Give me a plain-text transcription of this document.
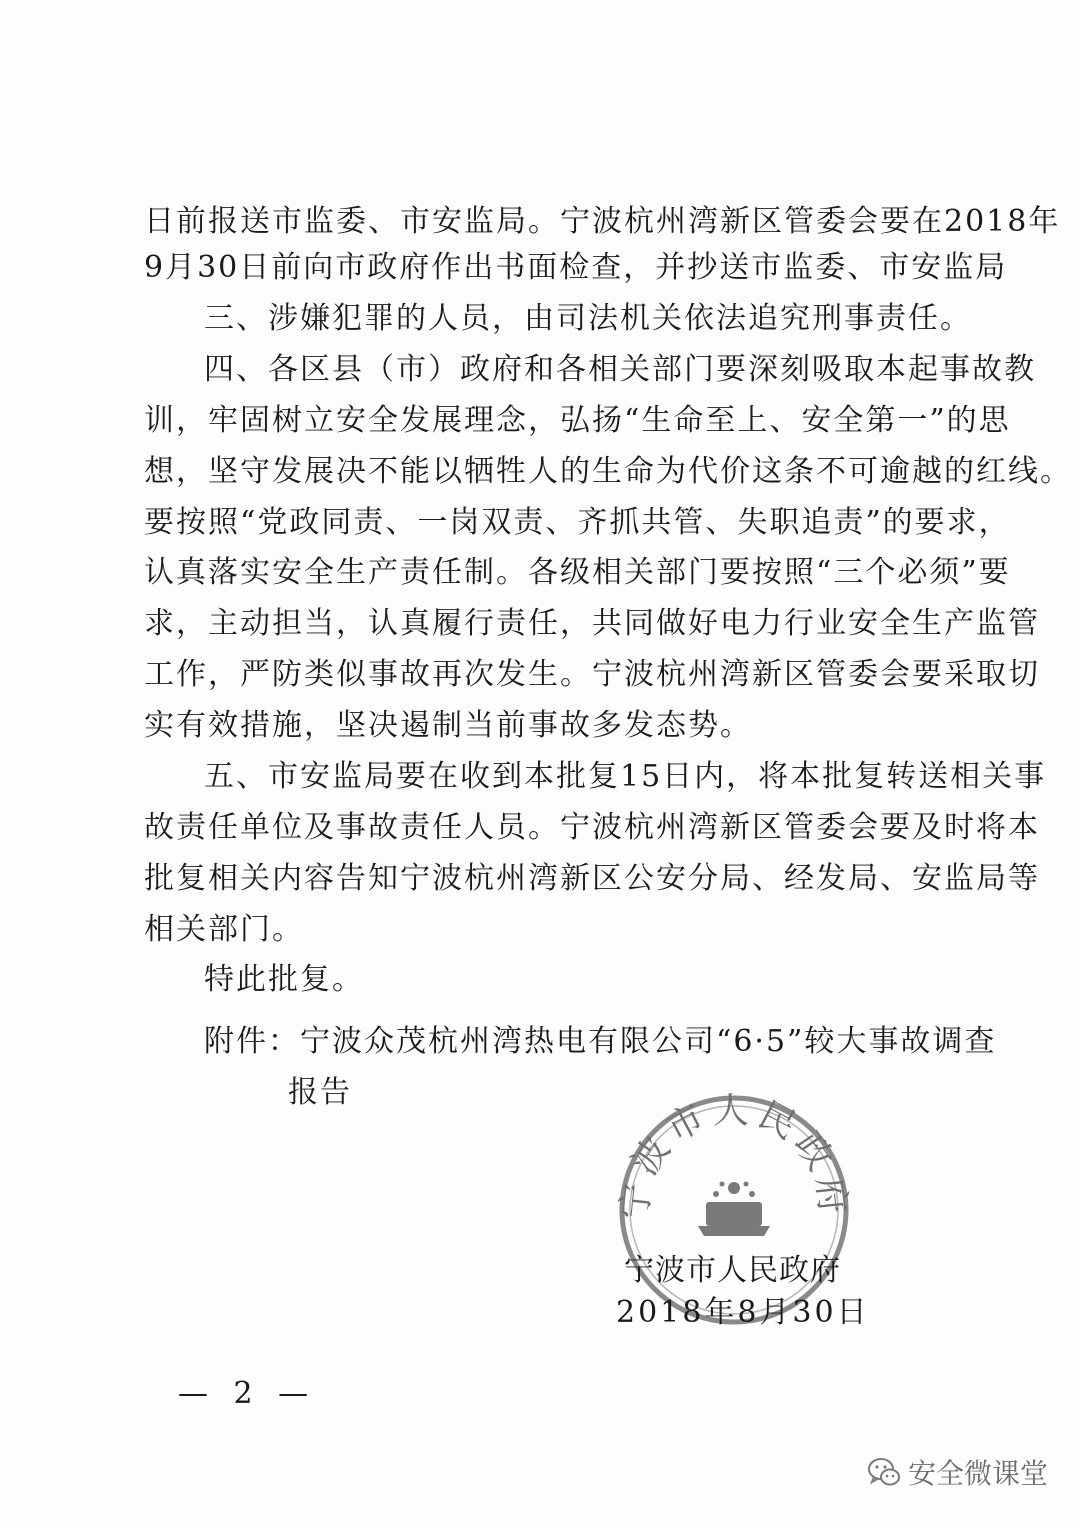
日前报送市监委、市安监局。宁波杭州湾新区管委会要在2018年
9月30日前向市政府作出书面检查，并抄送市监委、市安监局
三、涉嫌犯罪的人员，由司法机关依法追究刑事责任。
四、各区县（市）政府和各相关部门要深刻吸取本起事故教
训，牢固树立安全发展理念，弘扬“生命至上、安全第一”的思
想，坚守发展决不能以牺牲人的生命为代价这条不可逾越的红线。
要按照“党政同责、一岗双责、齐抓共管、失职追责”的要求，
认真落实安全生产责任制。各级相关部门要按照“三个必须”要
求，主动担当，认真履行责任，共同做好电力行业安全生产监管
工作，严防类似事故再次发生。宁波杭州湾新区管委会要采取切
实有效措施，坚决遏制当前事故多发态势。
五、市安监局要在收到本批复15日内，将本批复转送相关事
故责任单位及事故责任人员。宁波杭州湾新区管委会要及时将本
批复相关内容告知宁波杭州湾新区公安分局、经发局、安监局等
相关部门。
特此批复。
附件：宁波众茂杭州湾热电有限公司“6·5”较大事故调查
报告
宁波市人民政府
宁波市人民政府
2018年8月30日
— 2 —
安全微课堂
